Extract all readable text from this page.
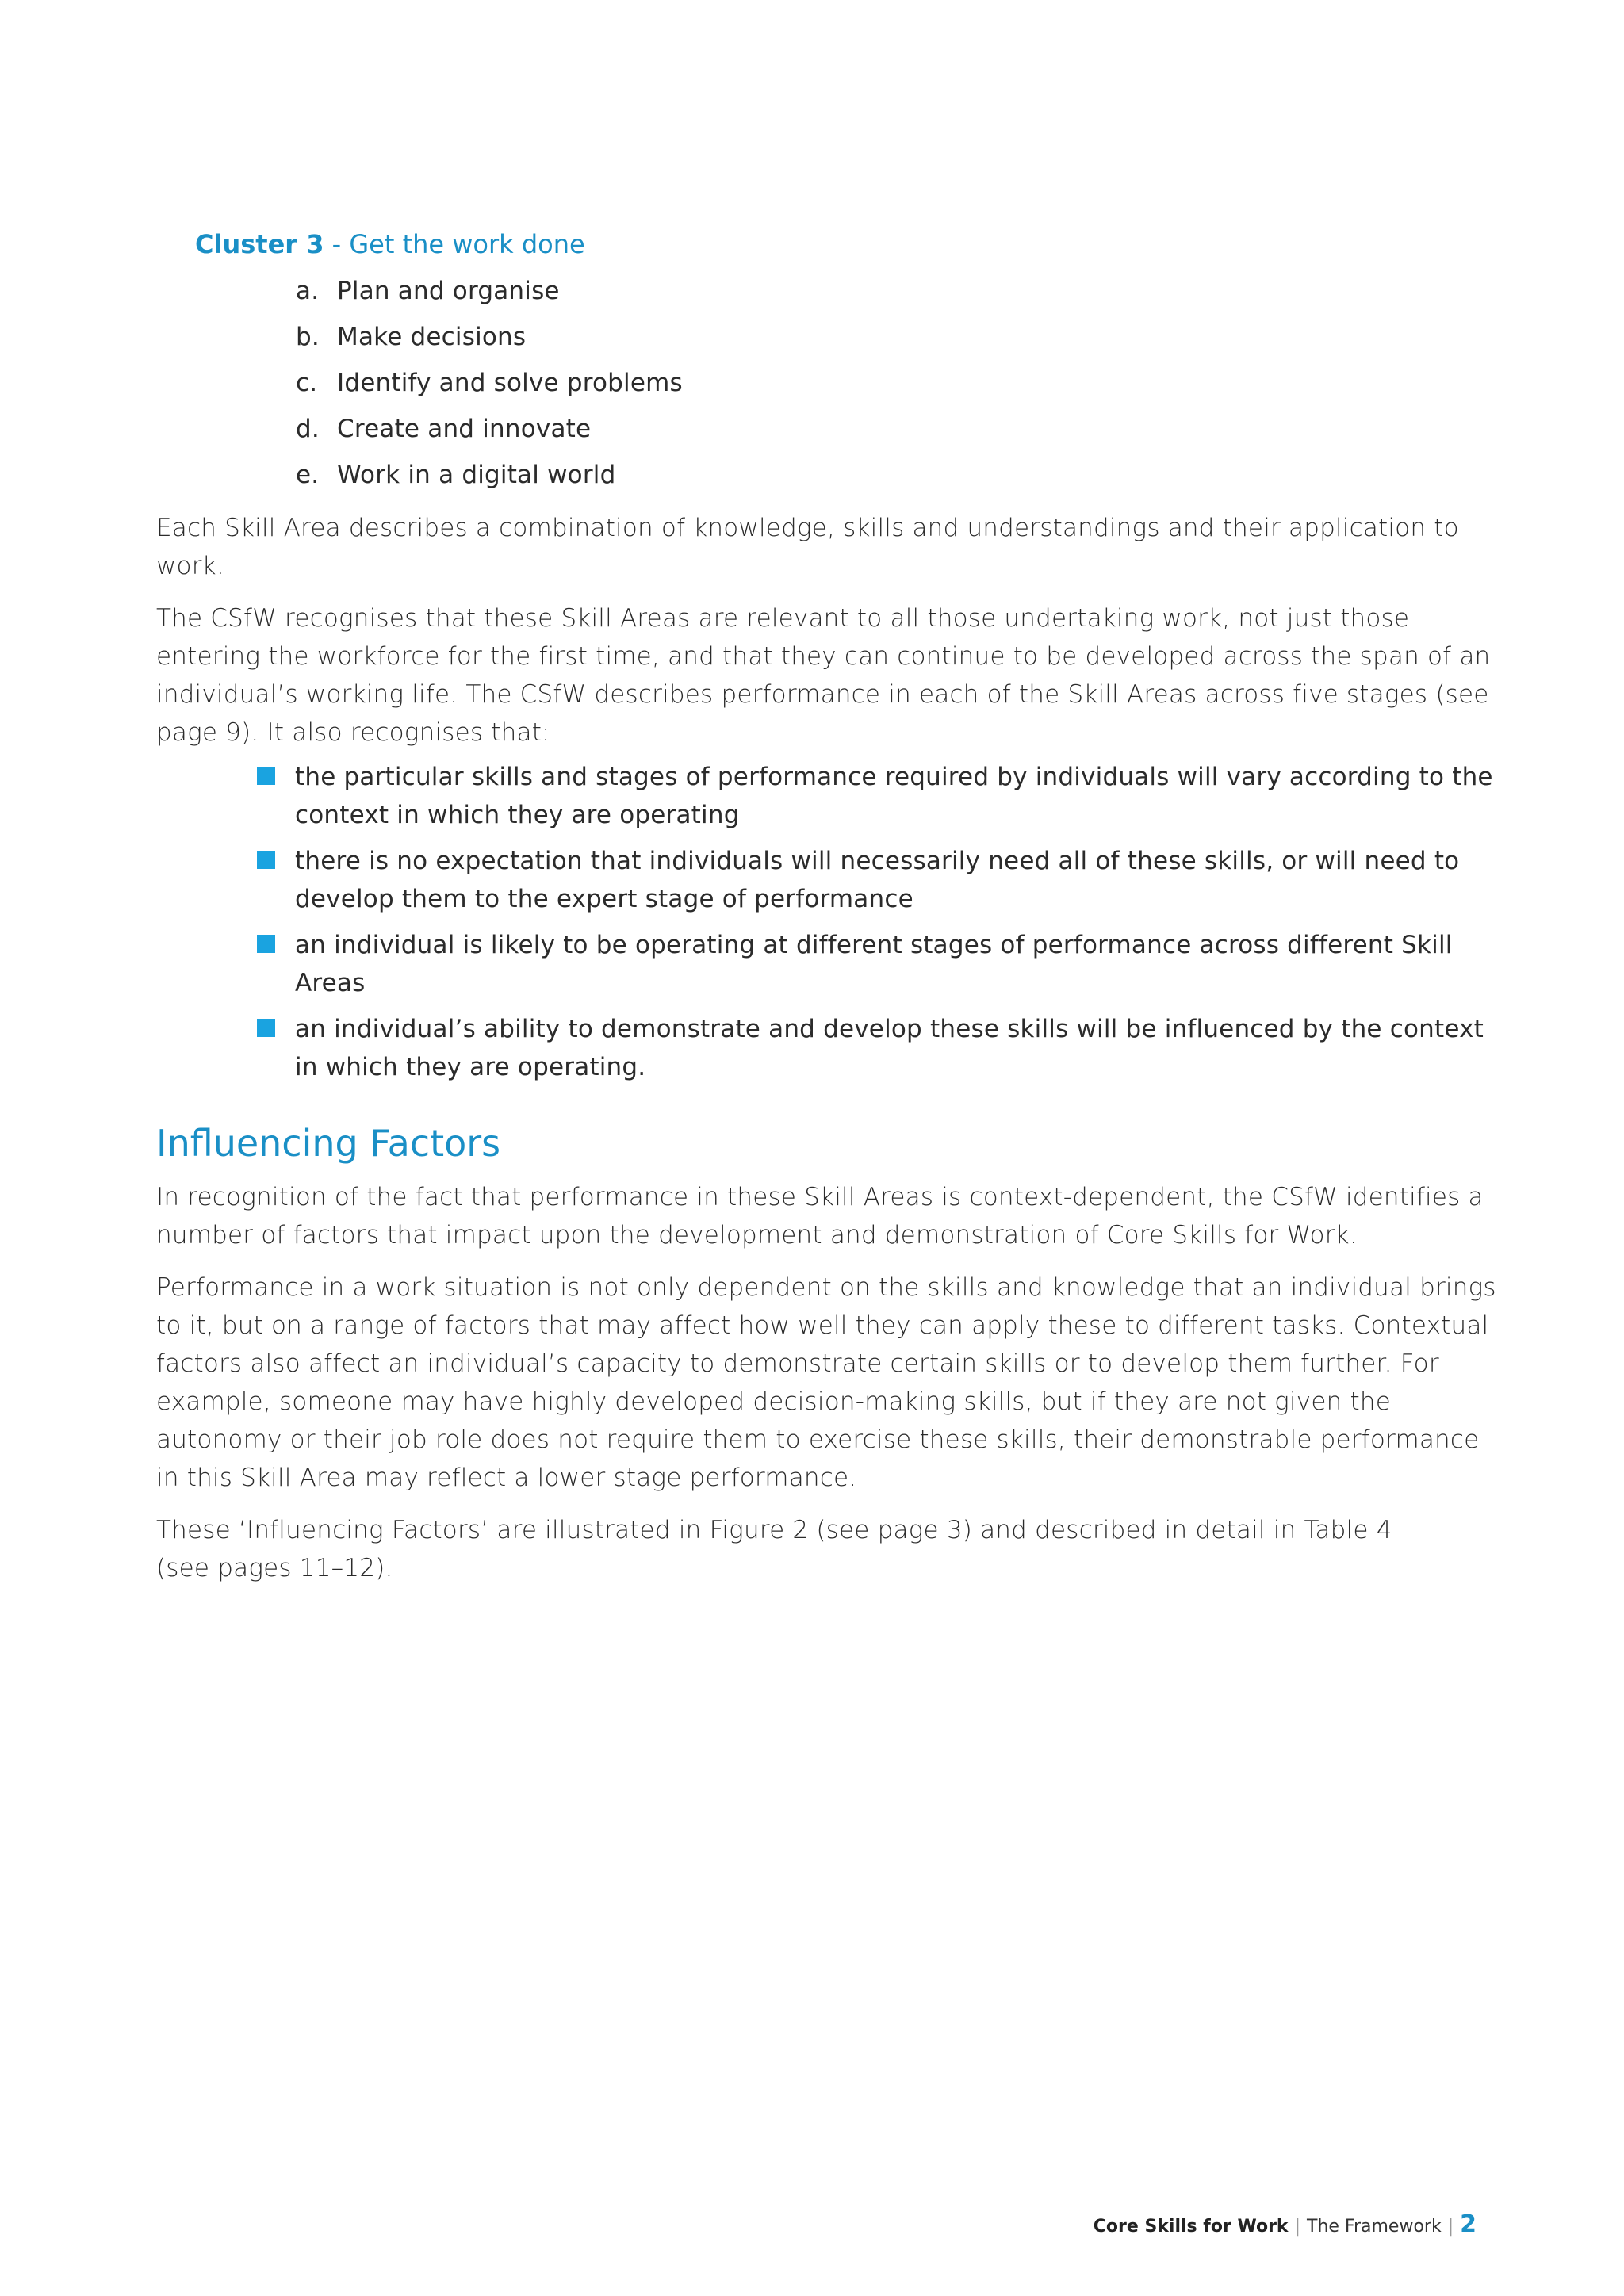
Cluster 3 - Get the work done
a. Plan and organise
b. Make decisions
c. Identify and solve problems
d. Create and innovate
e. Work in a digital world

Each Skill Area describes a combination of knowledge, skills and understandings and their application to work.

The CSfW recognises that these Skill Areas are relevant to all those undertaking work, not just those entering the workforce for the first time, and that they can continue to be developed across the span of an individual’s working life. The CSfW describes performance in each of the Skill Areas across five stages (see page 9). It also recognises that:

the particular skills and stages of performance required by individuals will vary according to the context in which they are operating
there is no expectation that individuals will necessarily need all of these skills, or will need to develop them to the expert stage of performance
an individual is likely to be operating at different stages of performance across different Skill Areas
an individual’s ability to demonstrate and develop these skills will be influenced by the context in which they are operating.
Influencing Factors

In recognition of the fact that performance in these Skill Areas is context-dependent, the CSfW identifies a number of factors that impact upon the development and demonstration of Core Skills for Work.

Performance in a work situation is not only dependent on the skills and knowledge that an individual brings to it, but on a range of factors that may affect how well they can apply these to different tasks. Contextual factors also affect an individual’s capacity to demonstrate certain skills or to develop them further. For example, someone may have highly developed decision-making skills, but if they are not given the autonomy or their job role does not require them to exercise these skills, their demonstrable performance in this Skill Area may reflect a lower stage performance.

These ‘Influencing Factors’ are illustrated in Figure 2 (see page 3) and described in detail in Table 4
(see pages 11–12).

Core Skills for Work | The Framework | 2
